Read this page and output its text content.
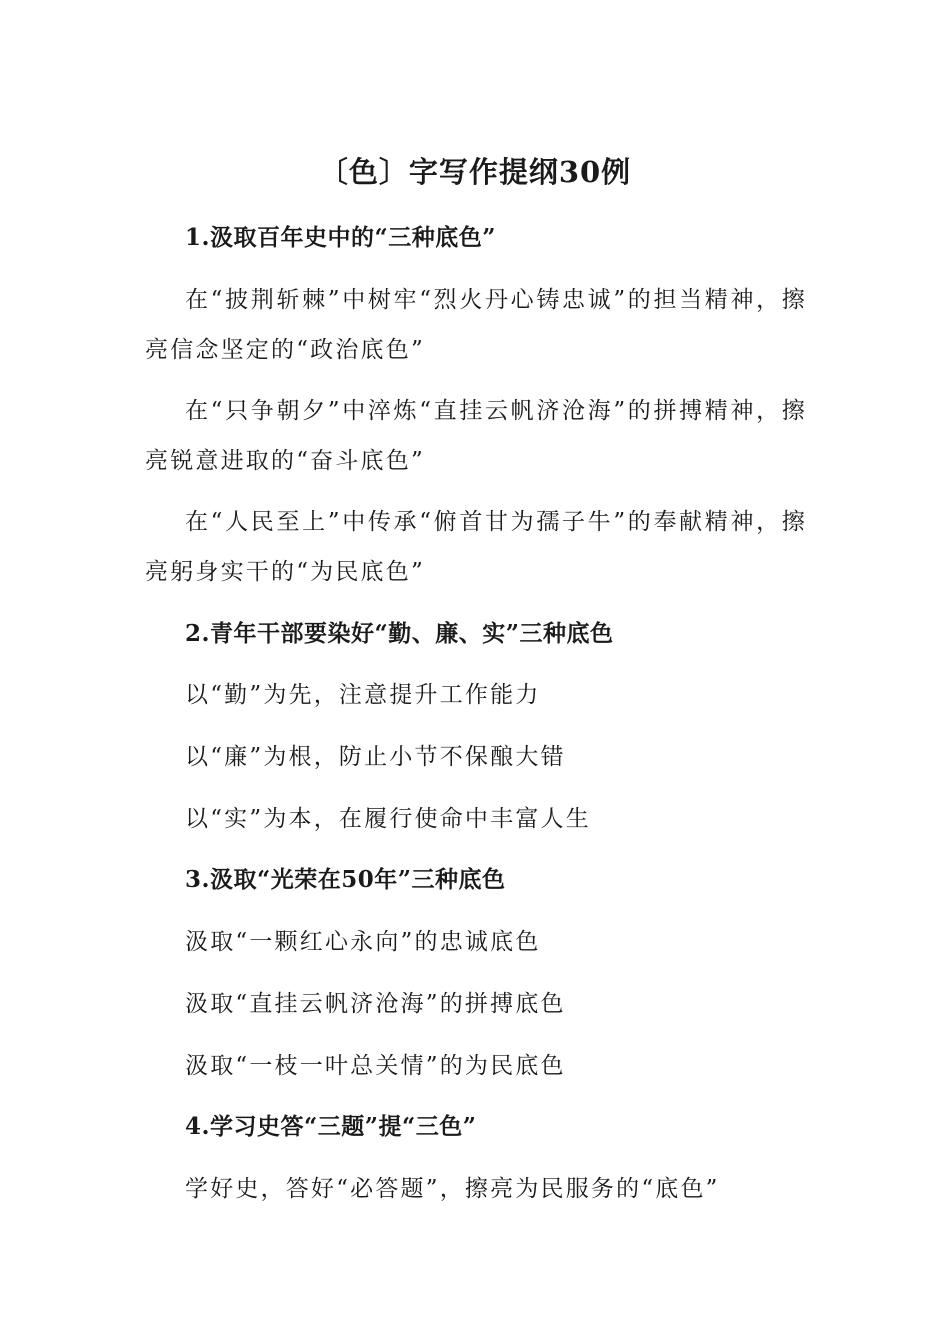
〔色〕字写作提纲30例
1.汲取百年史中的“三种底色”
在“披荆斩棘”中树牢“烈火丹心铸忠诚”的担当精神，擦亮信念坚定的“政治底色”
在“只争朝夕”中淬炼“直挂云帆济沧海”的拼搏精神，擦亮锐意进取的“奋斗底色”
在“人民至上”中传承“俯首甘为孺子牛”的奉献精神，擦亮躬身实干的“为民底色”
2.青年干部要染好“勤、廉、实”三种底色
以“勤”为先，注意提升工作能力
以“廉”为根，防止小节不保酿大错
以“实”为本，在履行使命中丰富人生
3.汲取“光荣在50年”三种底色
汲取“一颗红心永向”的忠诚底色
汲取“直挂云帆济沧海”的拼搏底色
汲取“一枝一叶总关情”的为民底色
4.学习史答“三题”提“三色”
学好史，答好“必答题”，擦亮为民服务的“底色”
